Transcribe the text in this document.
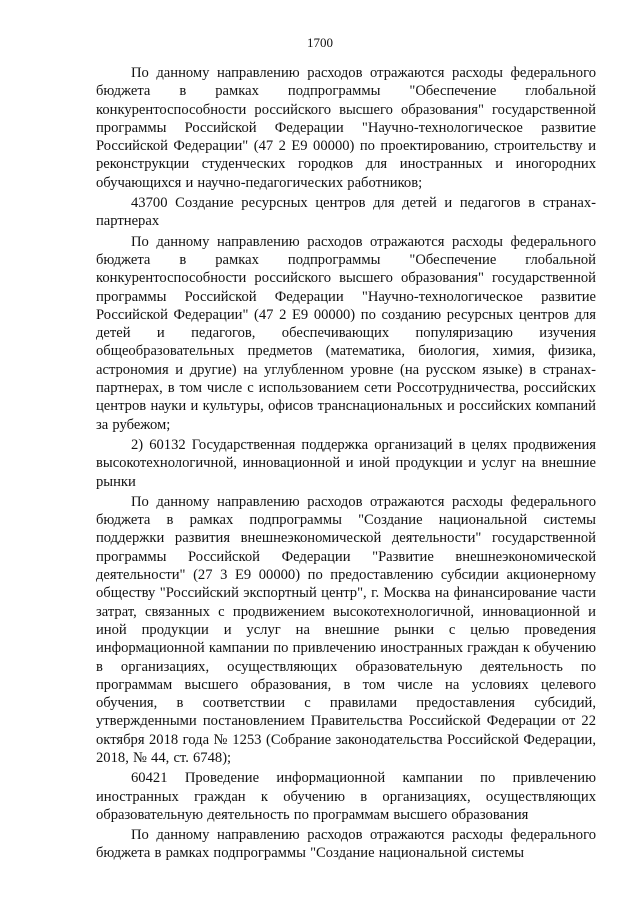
1700

По данному направлению расходов отражаются расходы федерального бюджета в рамках подпрограммы "Обеспечение глобальной конкурентоспособности российского высшего образования" государственной программы Российской Федерации "Научно-технологическое развитие Российской Федерации" (47 2 Е9 00000) по проектированию, строительству и реконструкции студенческих городков для иностранных и иногородних обучающихся и научно-педагогических работников;

43700 Создание ресурсных центров для детей и педагогов в странах-партнерах

По данному направлению расходов отражаются расходы федерального бюджета в рамках подпрограммы "Обеспечение глобальной конкурентоспособности российского высшего образования" государственной программы Российской Федерации "Научно-технологическое развитие Российской Федерации" (47 2 Е9 00000) по созданию ресурсных центров для детей и педагогов, обеспечивающих популяризацию изучения общеобразовательных предметов (математика, биология, химия, физика, астрономия и другие) на углубленном уровне (на русском языке) в странах-партнерах, в том числе с использованием сети Россотрудничества, российских центров науки и культуры, офисов транснациональных и российских компаний за рубежом;

2) 60132 Государственная поддержка организаций в целях продвижения высокотехнологичной, инновационной и иной продукции и услуг на внешние рынки

По данному направлению расходов отражаются расходы федерального бюджета в рамках подпрограммы "Создание национальной системы поддержки развития внешнеэкономической деятельности" государственной программы Российской Федерации "Развитие внешнеэкономической деятельности" (27 3 Е9 00000) по предоставлению субсидии акционерному обществу "Российский экспортный центр", г. Москва на финансирование части затрат, связанных с продвижением высокотехнологичной, инновационной и иной продукции и услуг на внешние рынки с целью проведения информационной кампании по привлечению иностранных граждан к обучению в организациях, осуществляющих образовательную деятельность по программам высшего образования, в том числе на условиях целевого обучения, в соответствии с правилами предоставления субсидий, утвержденными постановлением Правительства Российской Федерации от 22 октября 2018 года № 1253 (Собрание законодательства Российской Федерации, 2018, № 44, ст. 6748);

60421 Проведение информационной кампании по привлечению иностранных граждан к обучению в организациях, осуществляющих образовательную деятельность по программам высшего образования

По данному направлению расходов отражаются расходы федерального бюджета в рамках подпрограммы "Создание национальной системы
